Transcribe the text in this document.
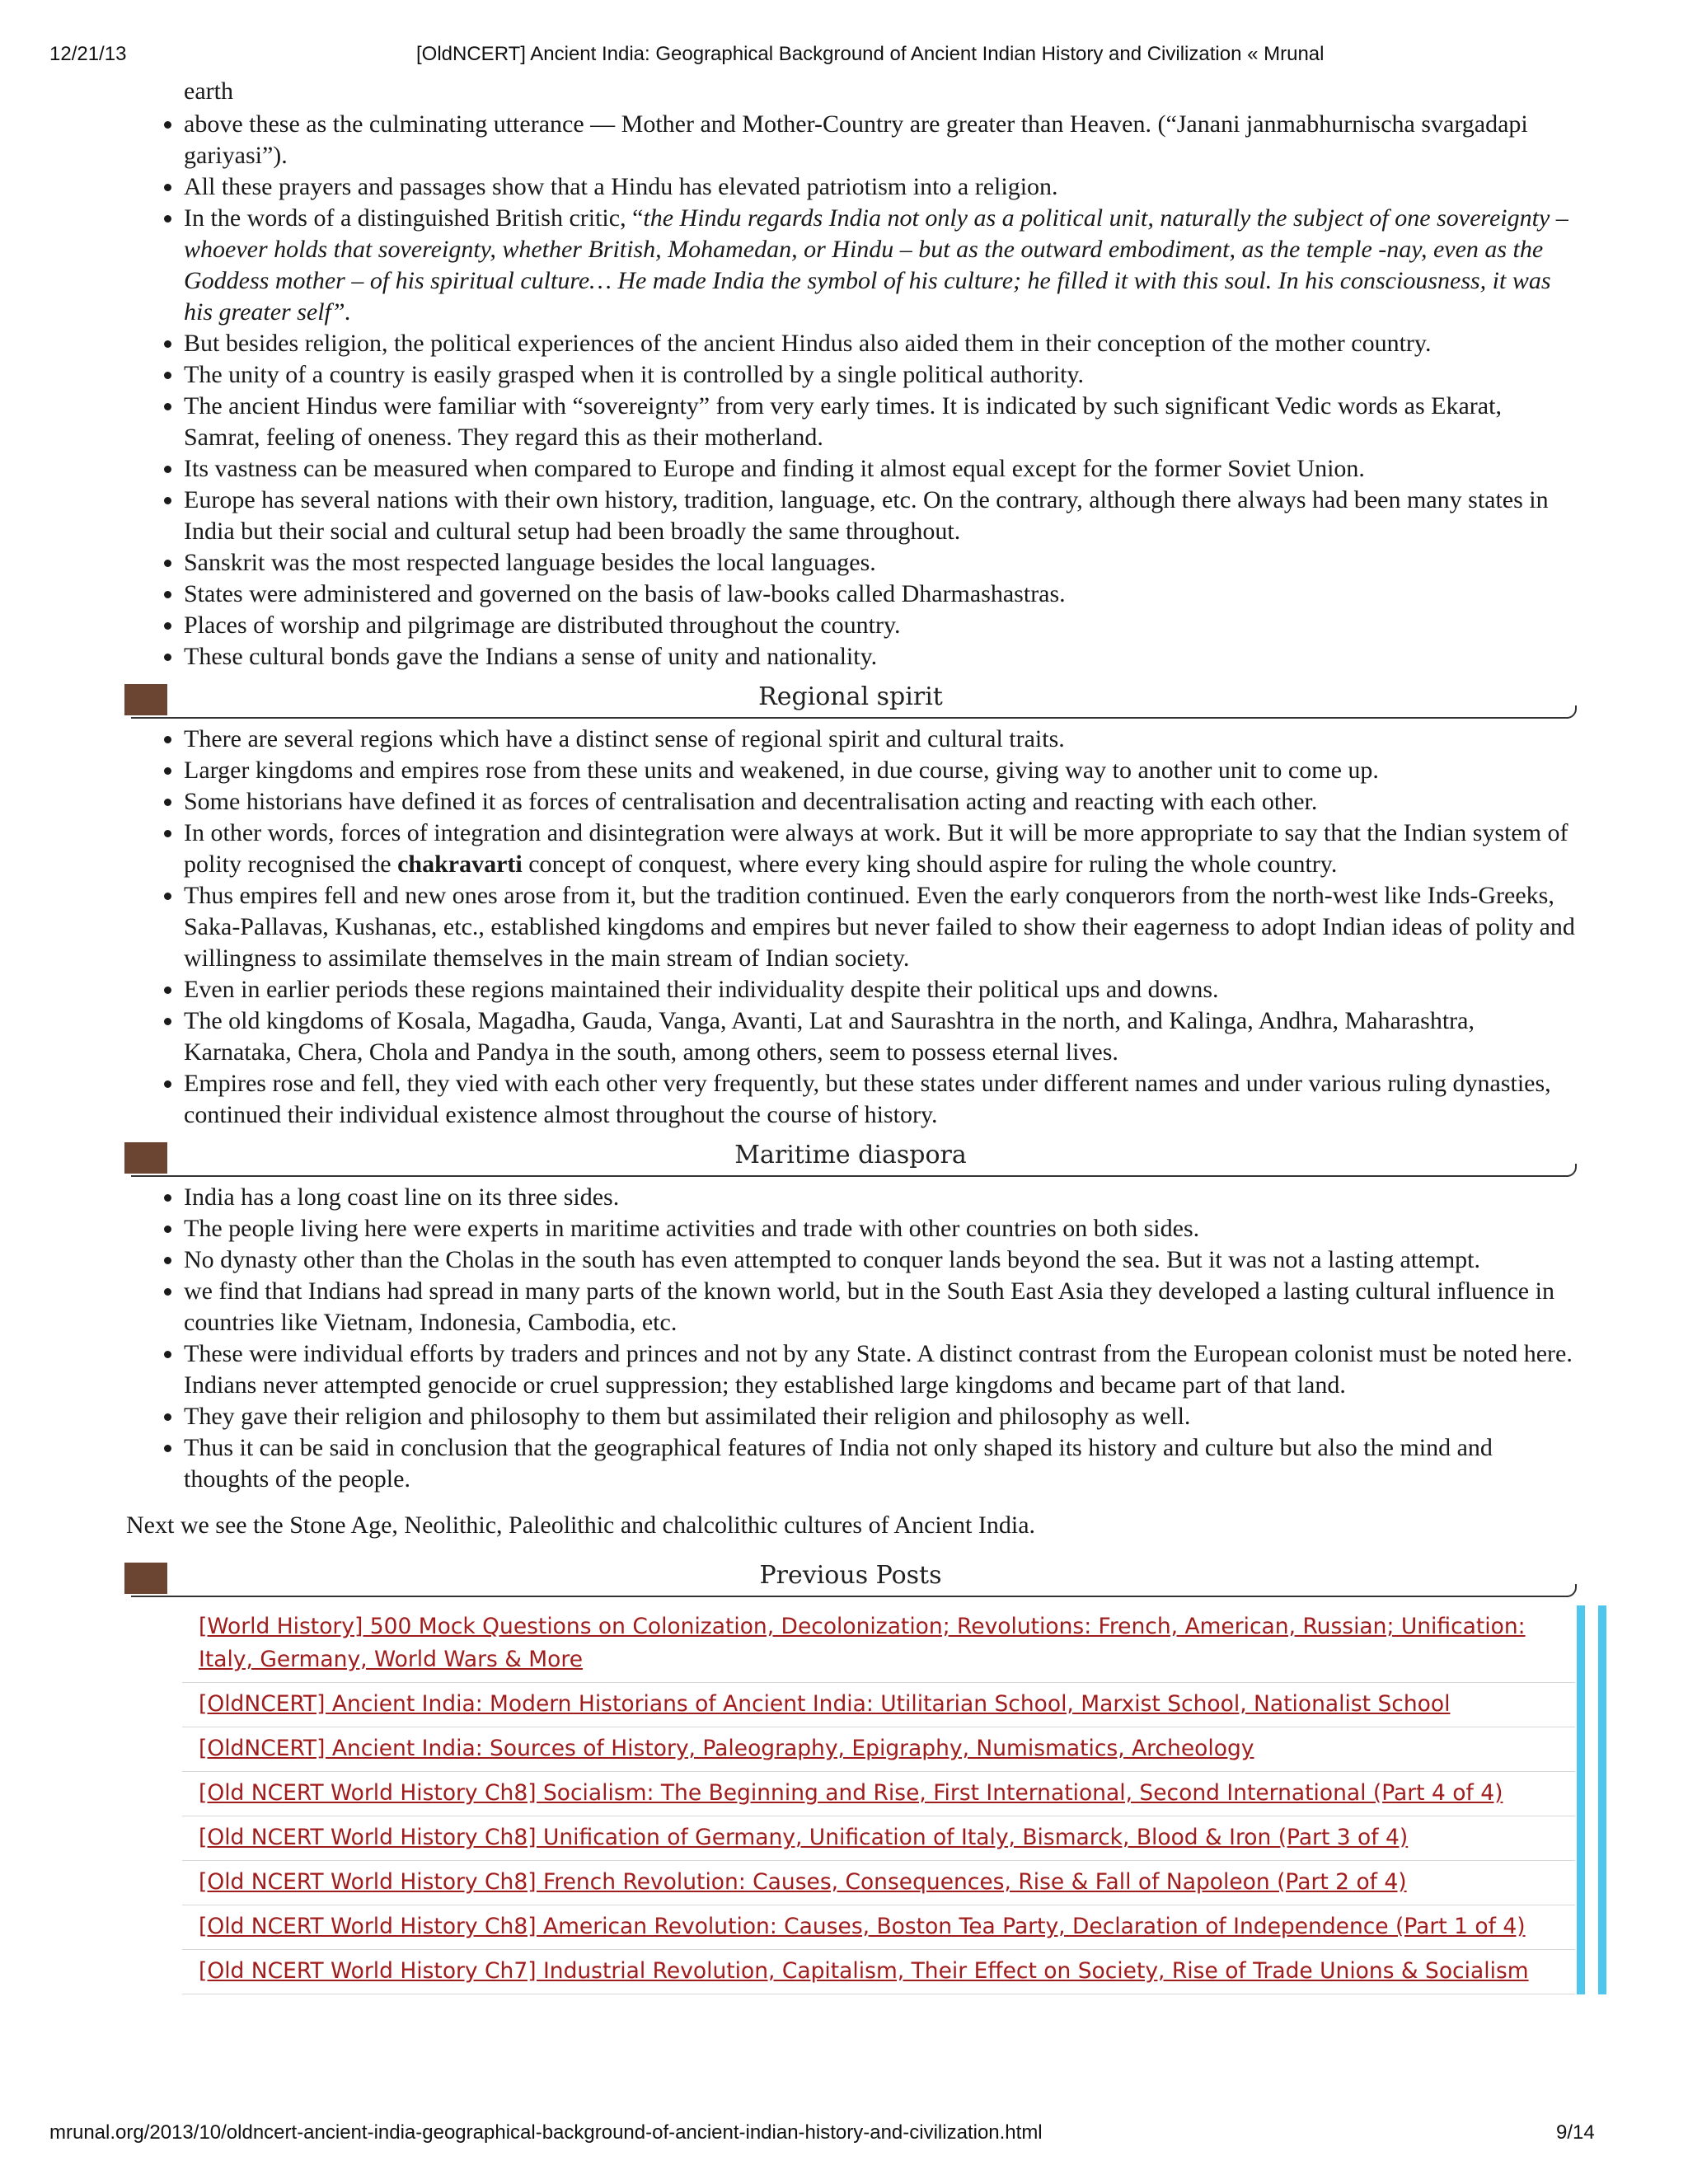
12/21/13	[OldNCERT] Ancient India: Geographical Background of Ancient Indian History and Civilization « Mrunal

earth

• above these as the culminating utterance — Mother and Mother-Country are greater than Heaven. (“Janani janmabhurnischa svargadapi gariyasi”).
• All these prayers and passages show that a Hindu has elevated patriotism into a religion.
• In the words of a distinguished British critic, “the Hindu regards India not only as a political unit, naturally the subject of one sovereignty – whoever holds that sovereignty, whether British, Mohamedan, or Hindu – but as the outward embodiment, as the temple -nay, even as the Goddess mother – of his spiritual culture… He made India the symbol of his culture; he filled it with this soul. In his consciousness, it was his greater self”.
• But besides religion, the political experiences of the ancient Hindus also aided them in their conception of the mother country.
• The unity of a country is easily grasped when it is controlled by a single political authority.
• The ancient Hindus were familiar with “sovereignty” from very early times. It is indicated by such significant Vedic words as Ekarat, Samrat, feeling of oneness. They regard this as their motherland.
• Its vastness can be measured when compared to Europe and finding it almost equal except for the former Soviet Union.
• Europe has several nations with their own history, tradition, language, etc. On the contrary, although there always had been many states in India but their social and cultural setup had been broadly the same throughout.
• Sanskrit was the most respected language besides the local languages.
• States were administered and governed on the basis of law-books called Dharmashastras.
• Places of worship and pilgrimage are distributed throughout the country.
• These cultural bonds gave the Indians a sense of unity and nationality.
Regional spirit
• There are several regions which have a distinct sense of regional spirit and cultural traits.
• Larger kingdoms and empires rose from these units and weakened, in due course, giving way to another unit to come up.
• Some historians have defined it as forces of centralisation and decentralisation acting and reacting with each other.
• In other words, forces of integration and disintegration were always at work. But it will be more appropriate to say that the Indian system of polity recognised the chakravarti concept of conquest, where every king should aspire for ruling the whole country.
• Thus empires fell and new ones arose from it, but the tradition continued. Even the early conquerors from the north-west like Inds-Greeks, Saka-Pallavas, Kushanas, etc., established kingdoms and empires but never failed to show their eagerness to adopt Indian ideas of polity and willingness to assimilate themselves in the main stream of Indian society.
• Even in earlier periods these regions maintained their individuality despite their political ups and downs.
• The old kingdoms of Kosala, Magadha, Gauda, Vanga, Avanti, Lat and Saurashtra in the north, and Kalinga, Andhra, Maharashtra, Karnataka, Chera, Chola and Pandya in the south, among others, seem to possess eternal lives.
• Empires rose and fell, they vied with each other very frequently, but these states under different names and under various ruling dynasties, continued their individual existence almost throughout the course of history.
Maritime diaspora
• India has a long coast line on its three sides.
• The people living here were experts in maritime activities and trade with other countries on both sides.
• No dynasty other than the Cholas in the south has even attempted to conquer lands beyond the sea. But it was not a lasting attempt.
• we find that Indians had spread in many parts of the known world, but in the South East Asia they developed a lasting cultural influence in countries like Vietnam, Indonesia, Cambodia, etc.
• These were individual efforts by traders and princes and not by any State. A distinct contrast from the European colonist must be noted here. Indians never attempted genocide or cruel suppression; they established large kingdoms and became part of that land.
• They gave their religion and philosophy to them but assimilated their religion and philosophy as well.
• Thus it can be said in conclusion that the geographical features of India not only shaped its history and culture but also the mind and thoughts of the people.

Next we see the Stone Age, Neolithic, Paleolithic and chalcolithic cultures of Ancient India.

Previous Posts
[World History] 500 Mock Questions on Colonization, Decolonization; Revolutions: French, American, Russian; Unification: Italy, Germany, World Wars & More
[OldNCERT] Ancient India: Modern Historians of Ancient India: Utilitarian School, Marxist School, Nationalist School
[OldNCERT] Ancient India: Sources of History, Paleography, Epigraphy, Numismatics, Archeology
[Old NCERT World History Ch8] Socialism: The Beginning and Rise, First International, Second International (Part 4 of 4)
[Old NCERT World History Ch8] Unification of Germany, Unification of Italy, Bismarck, Blood & Iron (Part 3 of 4)
[Old NCERT World History Ch8] French Revolution: Causes, Consequences, Rise & Fall of Napoleon (Part 2 of 4)
[Old NCERT World History Ch8] American Revolution: Causes, Boston Tea Party, Declaration of Independence (Part 1 of 4)
[Old NCERT World History Ch7] Industrial Revolution, Capitalism, Their Effect on Society, Rise of Trade Unions & Socialism
mrunal.org/2013/10/oldncert-ancient-india-geographical-background-of-ancient-indian-history-and-civilization.html	9/14
